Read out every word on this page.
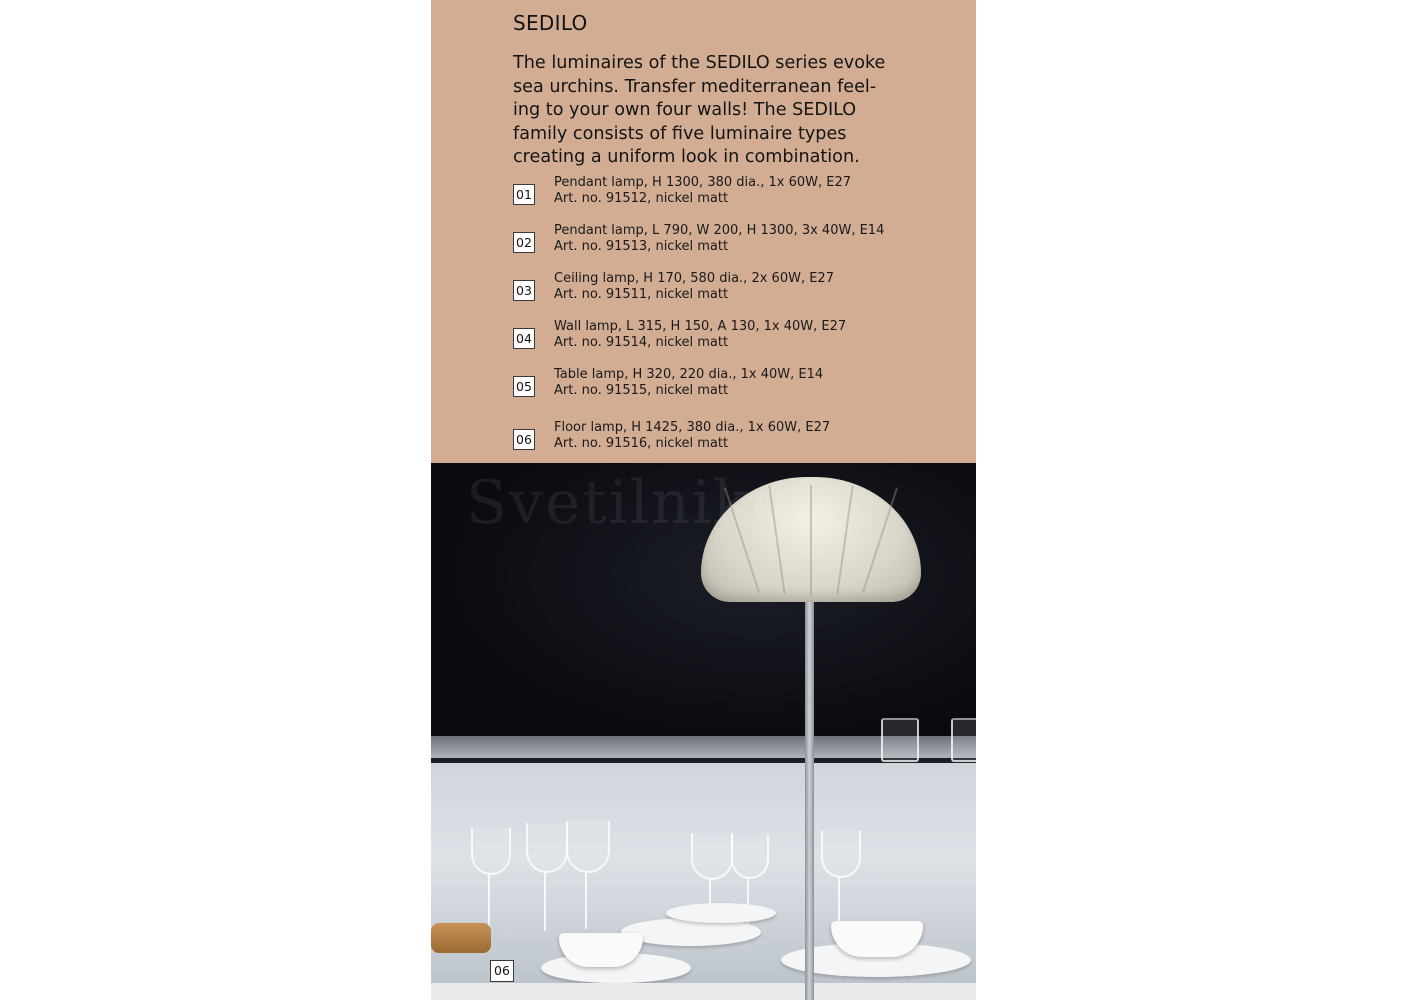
SEDILO

The luminaires of the SEDILO series evoke
sea urchins. Transfer mediterranean feel-
ing to your own four walls! The SEDILO
family consists of five luminaire types
creating a uniform look in combination.

01
Pendant lamp, H 1300, 380 dia., 1x 60W, E27
Art. no. 91512, nickel matt
02
Pendant lamp, L 790, W 200, H 1300, 3x 40W, E14
Art. no. 91513, nickel matt
03
Ceiling lamp, H 170, 580 dia., 2x 60W, E27
Art. no. 91511, nickel matt
04
Wall lamp, L 315, H 150, A 130, 1x 40W, E27
Art. no. 91514, nickel matt
05
Table lamp, H 320, 220 dia., 1x 40W, E14
Art. no. 91515, nickel matt
06
Floor lamp, H 1425, 380 dia., 1x 60W, E27
Art. no. 91516, nickel matt
Svetilnikof
06
